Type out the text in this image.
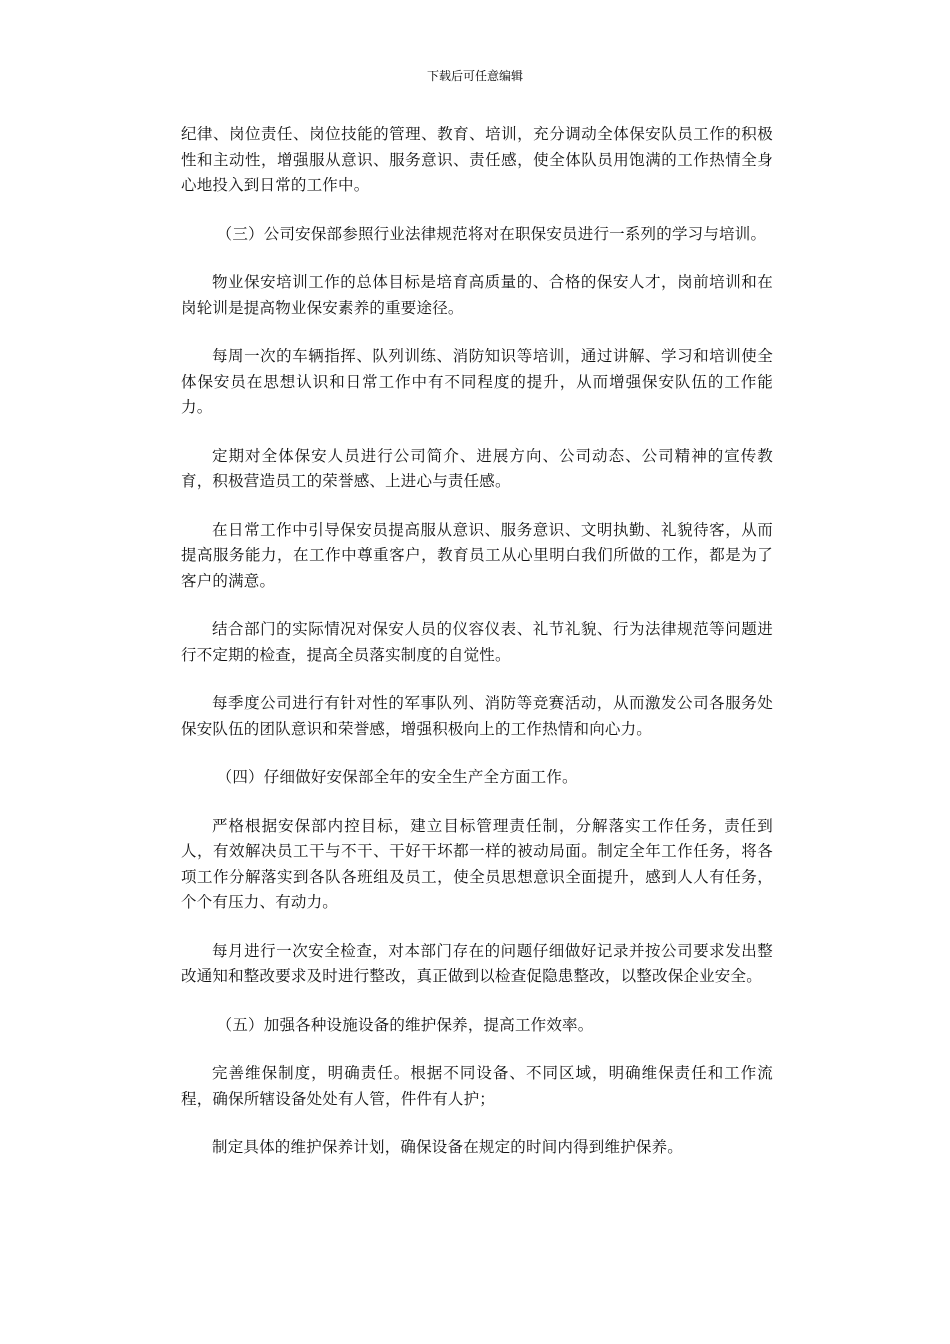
下载后可任意编辑

纪律、岗位责任、岗位技能的管理、教育、培训，充分调动全体保安队员工作的积极性和主动性，增强服从意识、服务意识、责任感，使全体队员用饱满的工作热情全身心地投入到日常的工作中。

（三）公司安保部参照行业法律规范将对在职保安员进行一系列的学习与培训。

物业保安培训工作的总体目标是培育高质量的、合格的保安人才，岗前培训和在岗轮训是提高物业保安素养的重要途径。

每周一次的车辆指挥、队列训练、消防知识等培训，通过讲解、学习和培训使全体保安员在思想认识和日常工作中有不同程度的提升，从而增强保安队伍的工作能力。

定期对全体保安人员进行公司简介、进展方向、公司动态、公司精神的宣传教育，积极营造员工的荣誉感、上进心与责任感。

在日常工作中引导保安员提高服从意识、服务意识、文明执勤、礼貌待客，从而提高服务能力，在工作中尊重客户，教育员工从心里明白我们所做的工作，都是为了客户的满意。

结合部门的实际情况对保安人员的仪容仪表、礼节礼貌、行为法律规范等问题进行不定期的检查，提高全员落实制度的自觉性。

每季度公司进行有针对性的军事队列、消防等竞赛活动，从而激发公司各服务处保安队伍的团队意识和荣誉感，增强积极向上的工作热情和向心力。

（四）仔细做好安保部全年的安全生产全方面工作。

严格根据安保部内控目标，建立目标管理责任制，分解落实工作任务，责任到人，有效解决员工干与不干、干好干坏都一样的被动局面。制定全年工作任务，将各项工作分解落实到各队各班组及员工，使全员思想意识全面提升，感到人人有任务，个个有压力、有动力。

每月进行一次安全检查，对本部门存在的问题仔细做好记录并按公司要求发出整改通知和整改要求及时进行整改，真正做到以检查促隐患整改，以整改保企业安全。

（五）加强各种设施设备的维护保养，提高工作效率。

完善维保制度，明确责任。根据不同设备、不同区域，明确维保责任和工作流程，确保所辖设备处处有人管，件件有人护；

制定具体的维护保养计划，确保设备在规定的时间内得到维护保养。
